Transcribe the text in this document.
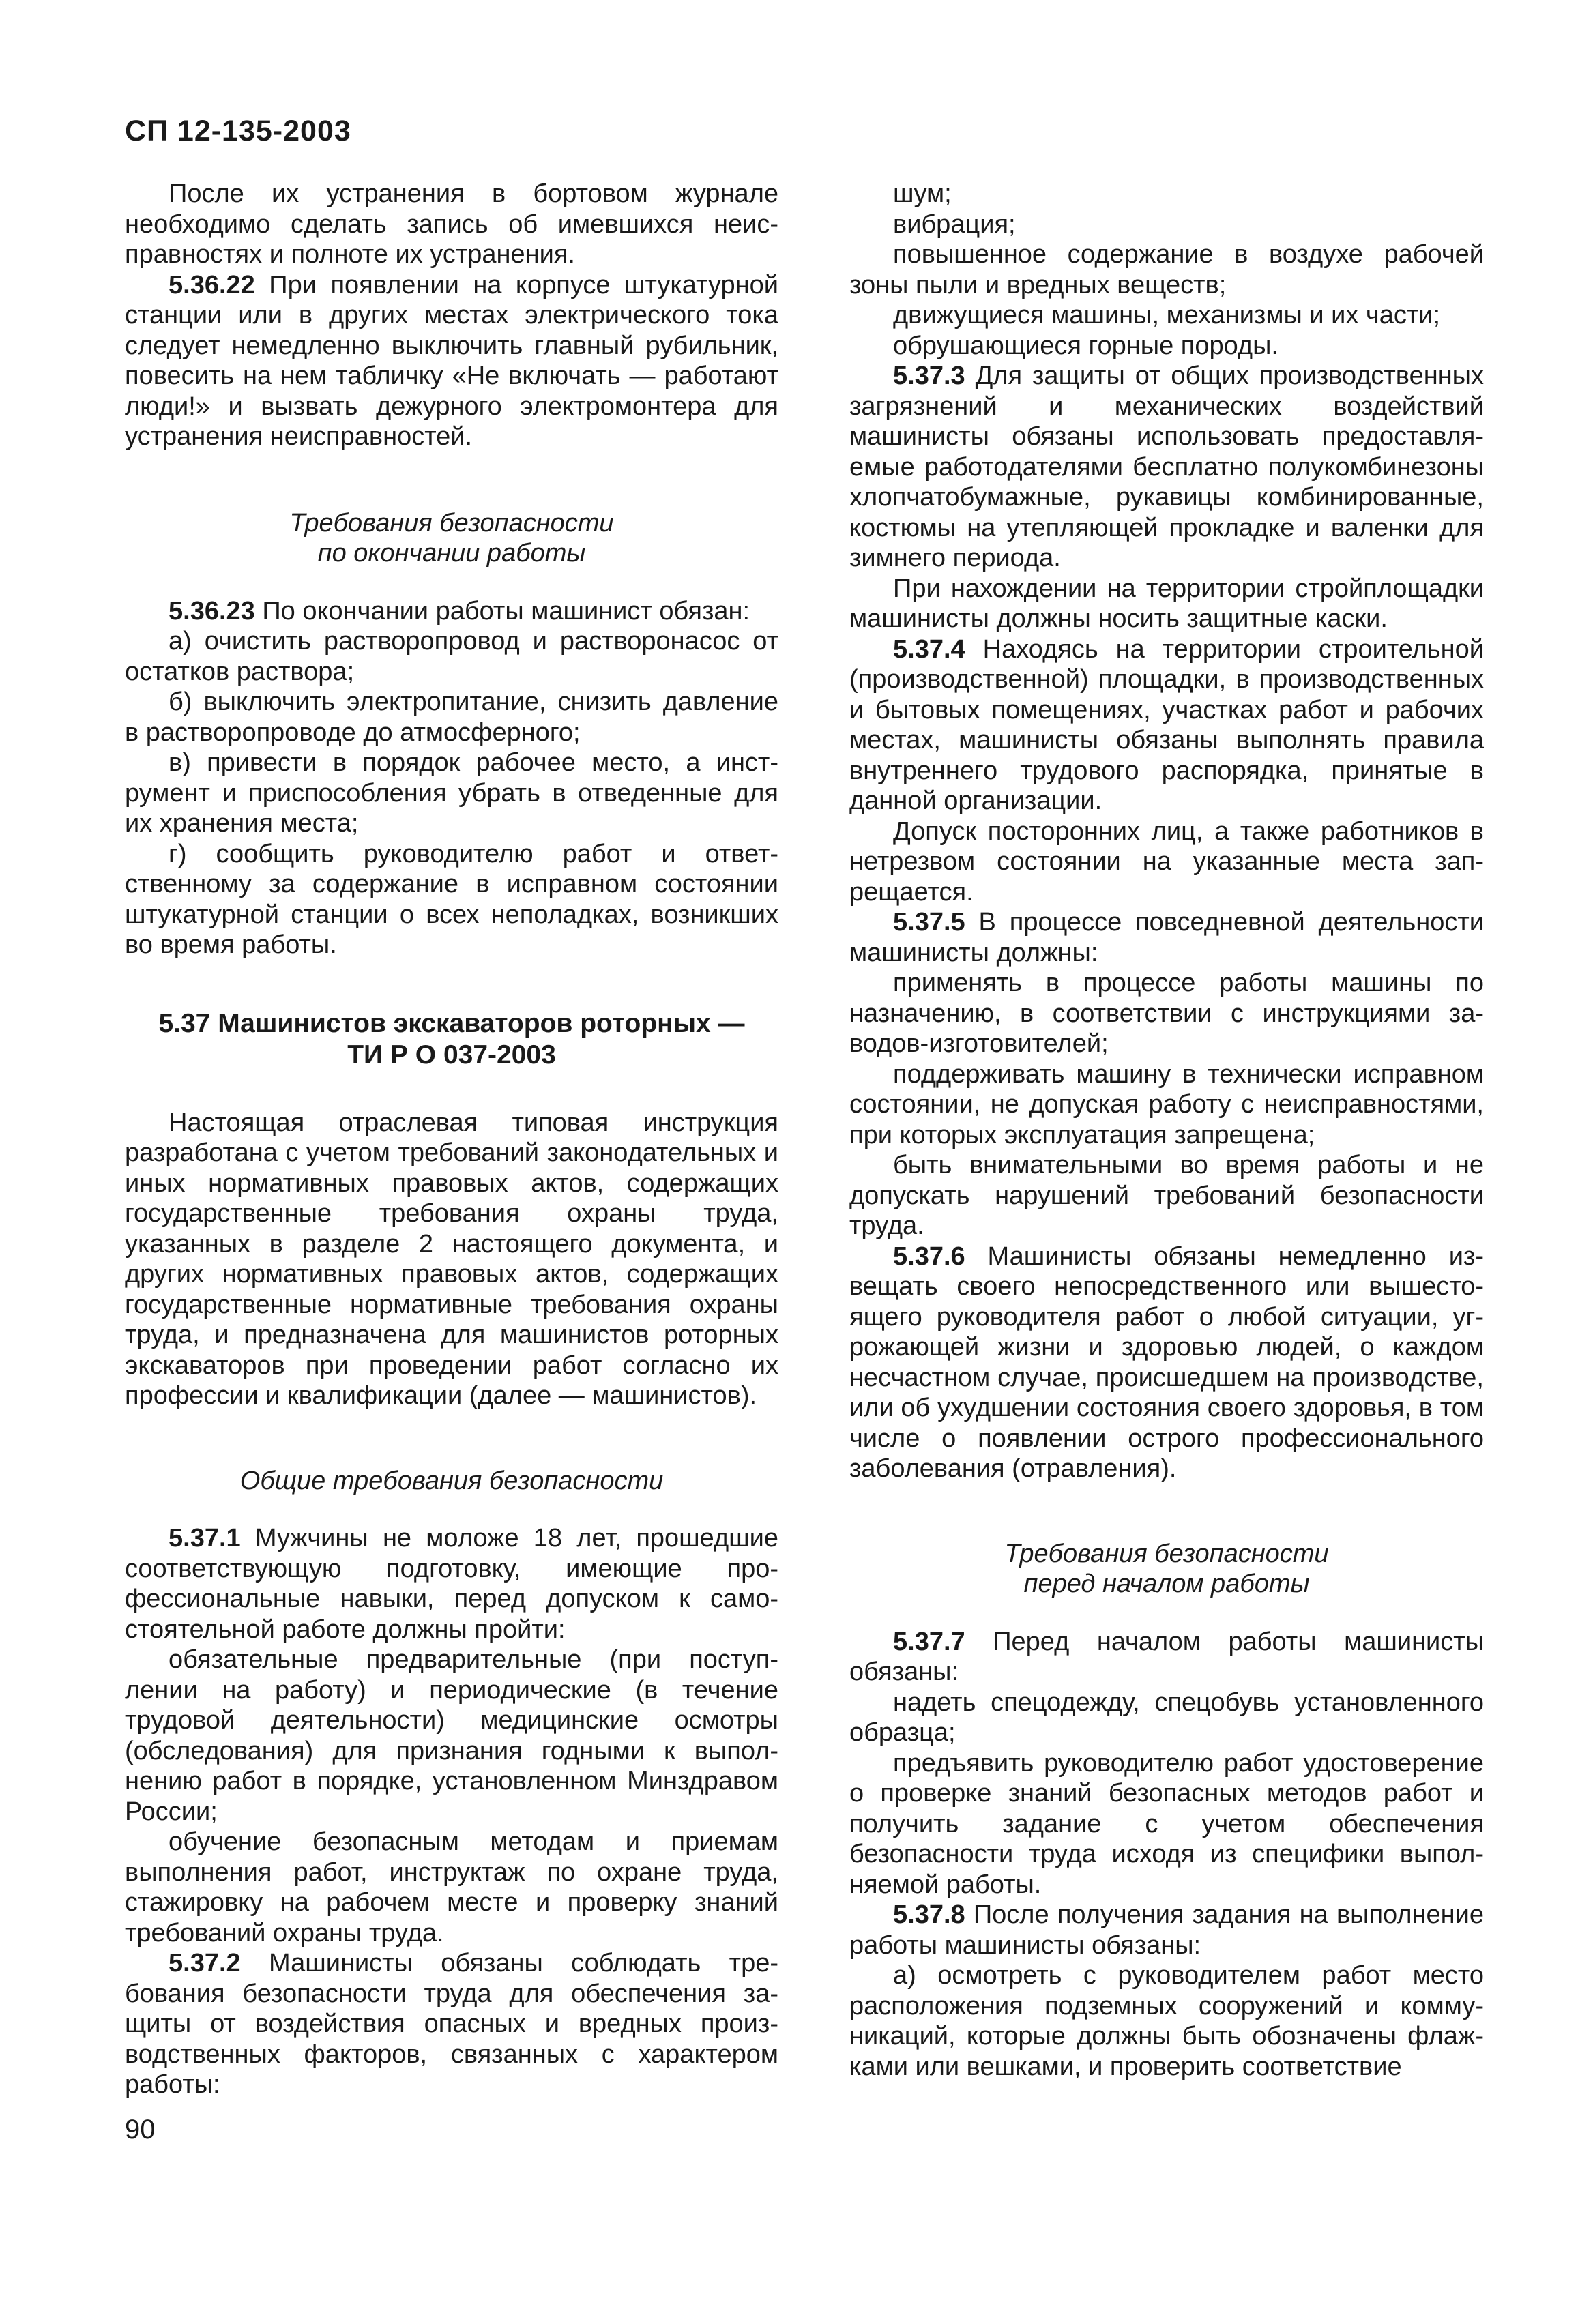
СП 12-135-2003

После их устранения в бортовом журнале необходимо сделать запись об имевшихся неисправностях и полноте их устранения.

5.36.22 При появлении на корпусе штукатурной станции или в других местах электрического тока следует немедленно выключить главный рубильник, повесить на нем табличку «Не включать — работают люди!» и вызвать дежурного электромонтера для устранения неисправностей.

Требования безопасности
по окончании работы

5.36.23 По окончании работы машинист обязан:

а) очистить растворопровод и растворонасос от остатков раствора;

б) выключить электропитание, снизить давление в растворопроводе до атмосферного;

в) привести в порядок рабочее место, а инструмент и приспособления убрать в отведенные для их хранения места;

г) сообщить руководителю работ и ответственному за содержание в исправном состоянии штукатурной станции о всех неполадках, возникших во время работы.

5.37 Машинистов экскаваторов роторных —
ТИ Р О 037-2003

Настоящая отраслевая типовая инструкция разработана с учетом требований законодательных и иных нормативных правовых актов, содержащих государственные требования охраны труда, указанных в разделе 2 настоящего документа, и других нормативных правовых актов, содержащих государственные нормативные требования охраны труда, и предназначена для машинистов роторных экскаваторов при проведении работ согласно их профессии и квалификации (далее — машинистов).

Общие требования безопасности

5.37.1 Мужчины не моложе 18 лет, прошедшие соответствующую подготовку, имеющие профессиональные навыки, перед допуском к самостоятельной работе должны пройти:

обязательные предварительные (при поступлении на работу) и периодические (в течение трудовой деятельности) медицинские осмотры (обследования) для признания годными к выполнению работ в порядке, установленном Минздравом России;

обучение безопасным методам и приемам выполнения работ, инструктаж по охране труда, стажировку на рабочем месте и проверку знаний требований охраны труда.

5.37.2 Машинисты обязаны соблюдать требования безопасности труда для обеспечения защиты от воздействия опасных и вредных производственных факторов, связанных с характером работы:

шум;

вибрация;

повышенное содержание в воздухе рабочей зоны пыли и вредных веществ;

движущиеся машины, механизмы и их части;

обрушающиеся горные породы.

5.37.3 Для защиты от общих производственных загрязнений и механических воздействий машинисты обязаны использовать предоставляемые работодателями бесплатно полукомбинезоны хлопчатобумажные, рукавицы комбинированные, костюмы на утепляющей прокладке и валенки для зимнего периода.

При нахождении на территории стройплощадки машинисты должны носить защитные каски.

5.37.4 Находясь на территории строительной (производственной) площадки, в производственных и бытовых помещениях, участках работ и рабочих местах, машинисты обязаны выполнять правила внутреннего трудового распорядка, принятые в данной организации.

Допуск посторонних лиц, а также работников в нетрезвом состоянии на указанные места запрещается.

5.37.5 В процессе повседневной деятельности машинисты должны:

применять в процессе работы машины по назначению, в соответствии с инструкциями заводов-изготовителей;

поддерживать машину в технически исправном состоянии, не допуская работу с неисправностями, при которых эксплуатация запрещена;

быть внимательными во время работы и не допускать нарушений требований безопасности труда.

5.37.6 Машинисты обязаны немедленно извещать своего непосредственного или вышестоящего руководителя работ о любой ситуации, угрожающей жизни и здоровью людей, о каждом несчастном случае, происшедшем на производстве, или об ухудшении состояния своего здоровья, в том числе о появлении острого профессионального заболевания (отравления).

Требования безопасности
перед началом работы

5.37.7 Перед началом работы машинисты обязаны:

надеть спецодежду, спецобувь установленного образца;

предъявить руководителю работ удостоверение о проверке знаний безопасных методов работ и получить задание с учетом обеспечения безопасности труда исходя из специфики выполняемой работы.

5.37.8 После получения задания на выполнение работы машинисты обязаны:

а) осмотреть с руководителем работ место расположения подземных сооружений и коммуникаций, которые должны быть обозначены флажками или вешками, и проверить соответствие

90
